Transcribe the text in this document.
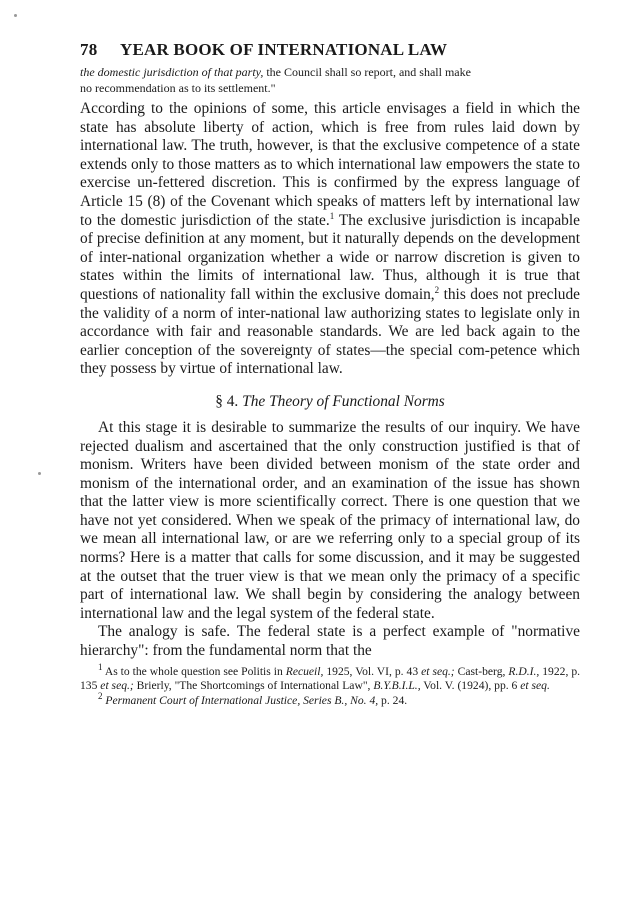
78	YEAR BOOK OF INTERNATIONAL LAW
the domestic jurisdiction of that party, the Council shall so report, and shall make
no recommendation as to its settlement."
According to the opinions of some, this article envisages a field in which the state has absolute liberty of action, which is free from rules laid down by international law. The truth, however, is that the exclusive competence of a state extends only to those matters as to which international law empowers the state to exercise un-fettered discretion. This is confirmed by the express language of Article 15 (8) of the Covenant which speaks of matters left by international law to the domestic jurisdiction of the state.$^1$ The exclusive jurisdiction is incapable of precise definition at any moment, but it naturally depends on the development of inter-national organization whether a wide or narrow discretion is given to states within the limits of international law. Thus, although it is true that questions of nationality fall within the exclusive domain,$^2$ this does not preclude the validity of a norm of inter-national law authorizing states to legislate only in accordance with fair and reasonable standards. We are led back again to the earlier conception of the sovereignty of states—the special com-petence which they possess by virtue of international law.
§ 4. The Theory of Functional Norms
At this stage it is desirable to summarize the results of our inquiry. We have rejected dualism and ascertained that the only construction justified is that of monism. Writers have been divided between monism of the state order and monism of the international order, and an examination of the issue has shown that the latter view is more scientifically correct. There is one question that we have not yet considered. When we speak of the primacy of international law, do we mean all international law, or are we referring only to a special group of its norms? Here is a matter that calls for some discussion, and it may be suggested at the outset that the truer view is that we mean only the primacy of a specific part of international law. We shall begin by considering the analogy between international law and the legal system of the federal state.
The analogy is safe. The federal state is a perfect example of "normative hierarchy": from the fundamental norm that the
$^1$ As to the whole question see Politis in Recueil, 1925, Vol. VI, p. 43 et seq.; Cast-berg, R.D.I., 1922, p. 135 et seq.; Brierly, "The Shortcomings of International Law", B.Y.B.I.L., Vol. V. (1924), pp. 6 et seq.
$^2$ Permanent Court of International Justice, Series B., No. 4, p. 24.
